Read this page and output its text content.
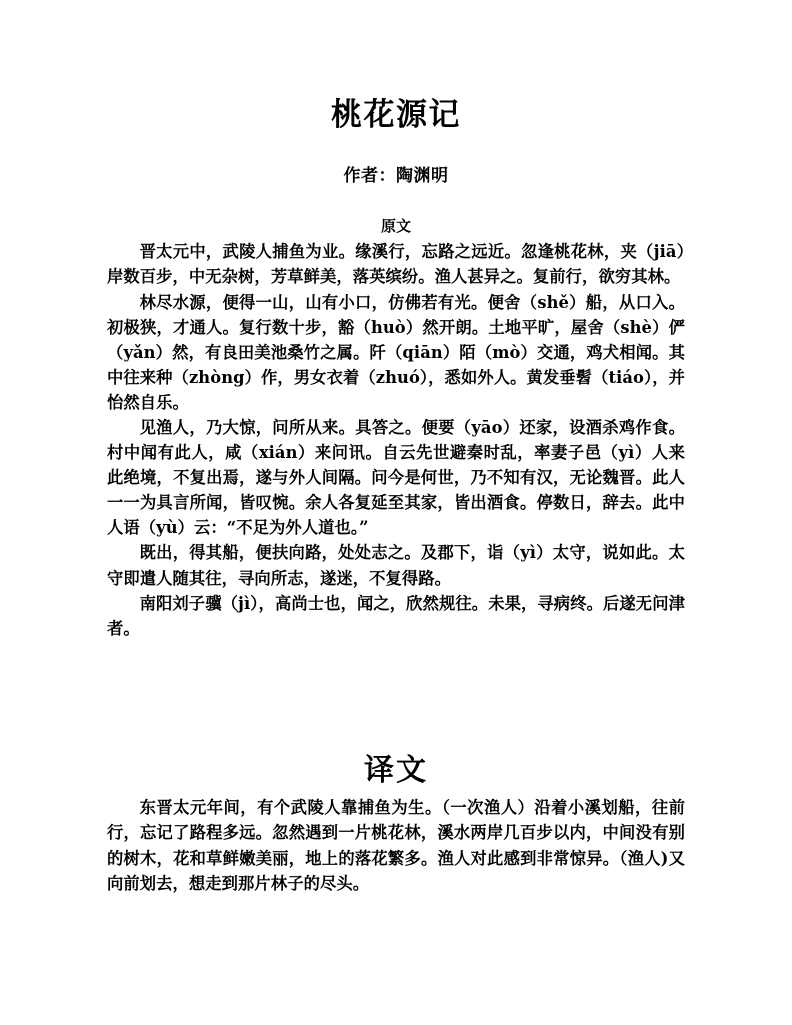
桃花源记
作者：陶渊明
原文

晋太元中，武陵人捕鱼为业。缘溪行，忘路之远近。忽逢桃花林，夹（jiā）岸数百步，中无杂树，芳草鲜美，落英缤纷。渔人甚异之。复前行，欲穷其林。

林尽水源，便得一山，山有小口，仿佛若有光。便舍（shě）船，从口入。初极狭，才通人。复行数十步，豁（huò）然开朗。土地平旷，屋舍（shè）俨（yǎn）然，有良田美池桑竹之属。阡（qiān）陌（mò）交通，鸡犬相闻。其中往来种（zhòng）作，男女衣着（zhuó），悉如外人。黄发垂髫（tiáo），并怡然自乐。

见渔人，乃大惊，问所从来。具答之。便要（yāo）还家，设酒杀鸡作食。村中闻有此人，咸（xián）来问讯。自云先世避秦时乱，率妻子邑（yì）人来此绝境，不复出焉，遂与外人间隔。问今是何世，乃不知有汉，无论魏晋。此人一一为具言所闻，皆叹惋。余人各复延至其家，皆出酒食。停数日，辞去。此中人语（yù）云：“不足为外人道也。”

既出，得其船，便扶向路，处处志之。及郡下，诣（yì）太守，说如此。太守即遣人随其往，寻向所志，遂迷，不复得路。

南阳刘子骥（jì），高尚士也，闻之，欣然规往。未果，寻病终。后遂无问津者。

译文

东晋太元年间，有个武陵人靠捕鱼为生。（一次渔人）沿着小溪划船，往前行，忘记了路程多远。忽然遇到一片桃花林，溪水两岸几百步以内，中间没有别的树木，花和草鲜嫩美丽，地上的落花繁多。渔人对此感到非常惊异。（渔人)又向前划去，想走到那片林子的尽头。
